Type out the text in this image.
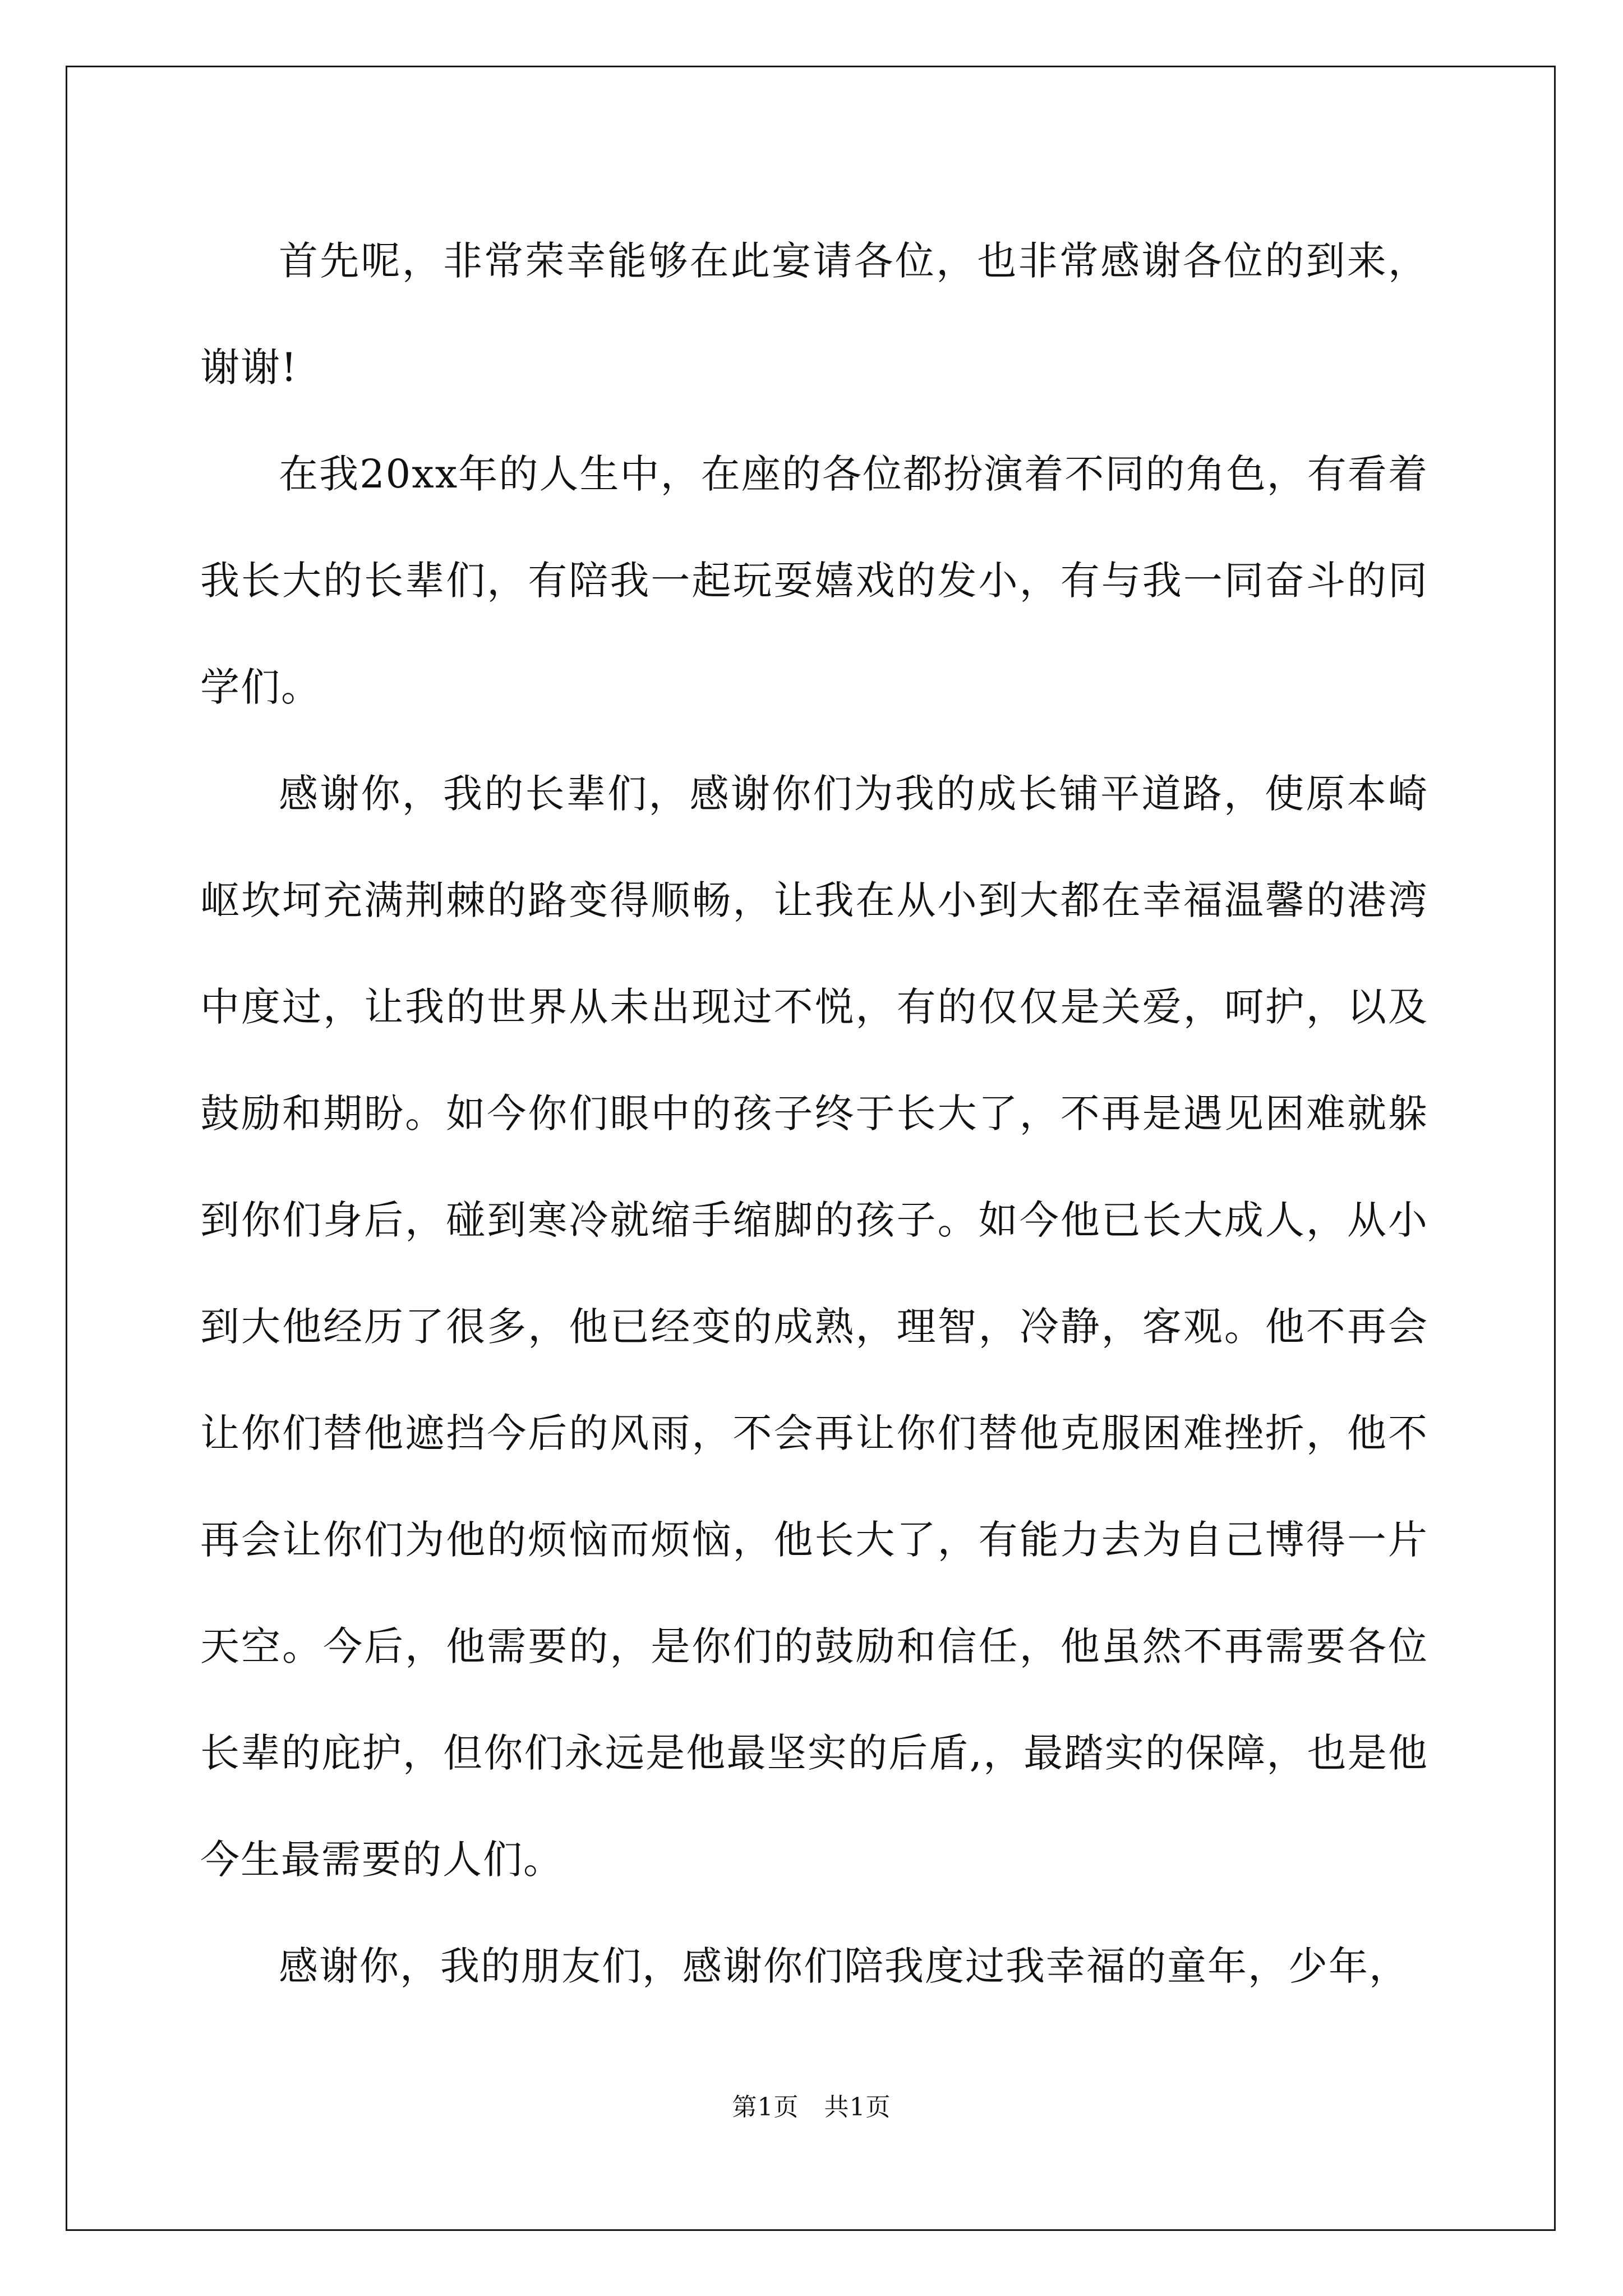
首先呢，非常荣幸能够在此宴请各位，也非常感谢各位的到来，谢谢!

在我20xx年的人生中，在座的各位都扮演着不同的角色，有看着我长大的长辈们，有陪我一起玩耍嬉戏的发小，有与我一同奋斗的同学们。

感谢你，我的长辈们，感谢你们为我的成长铺平道路，使原本崎岖坎坷充满荆棘的路变得顺畅，让我在从小到大都在幸福温馨的港湾中度过，让我的世界从未出现过不悦，有的仅仅是关爱，呵护，以及鼓励和期盼。如今你们眼中的孩子终于长大了，不再是遇见困难就躲到你们身后，碰到寒冷就缩手缩脚的孩子。如今他已长大成人，从小到大他经历了很多，他已经变的成熟，理智，冷静，客观。他不再会让你们替他遮挡今后的风雨，不会再让你们替他克服困难挫折，他不再会让你们为他的烦恼而烦恼，他长大了，有能力去为自己博得一片天空。今后，他需要的，是你们的鼓励和信任，他虽然不再需要各位长辈的庇护，但你们永远是他最坚实的后盾,，最踏实的保障，也是他今生最需要的人们。

感谢你，我的朋友们，感谢你们陪我度过我幸福的童年，少年，

第1页　共1页
